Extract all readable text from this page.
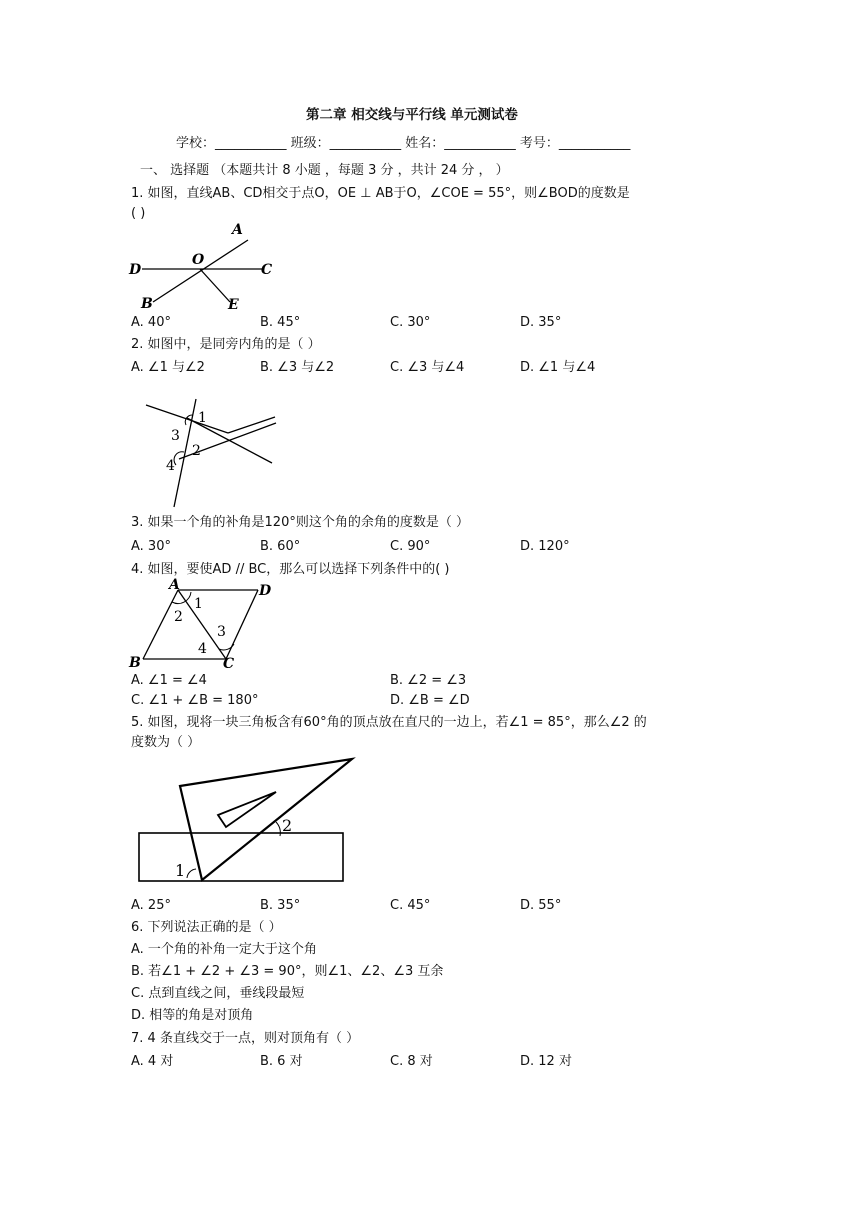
第二章 相交线与平行线 单元测试卷
学校：___________ 班级：___________ 姓名：___________ 考号：___________
一、 选择题 （本题共计 8 小题 ，每题 3 分 ，共计 24 分 ， ）
1. 如图，直线AB、CD相交于点O，OE ⊥ AB于O，∠COE = 55°，则∠BOD的度数是
( )
A
O
D	C
B	E
A. 40°	B. 45°	C. 30°	D. 35°
2. 如图中，是同旁内角的是（ ）
A. ∠1 与∠2	B. ∠3 与∠2	C. ∠3 与∠4	D. ∠1 与∠4
1
3
2
4
3. 如果一个角的补角是120°则这个角的余角的度数是（ ）
A. 30°	B. 60°	C. 90°	D. 120°
4. 如图，要使AD // BC，那么可以选择下列条件中的( )
A	D
1
2
3
4
B	C
A. ∠1 = ∠4	B. ∠2 = ∠3
C. ∠1 + ∠B = 180°	D. ∠B = ∠D
5. 如图，现将一块三角板含有60°角的顶点放在直尺的一边上，若∠1 = 85°，那么∠2 的
度数为（ ）
2
1
A. 25°	B. 35°	C. 45°	D. 55°
6. 下列说法正确的是（ ）
A. 一个角的补角一定大于这个角
B. 若∠1 + ∠2 + ∠3 = 90°，则∠1、∠2、∠3 互余
C. 点到直线之间，垂线段最短
D. 相等的角是对顶角
7. 4 条直线交于一点，则对顶角有（ ）
A. 4 对	B. 6 对	C. 8 对	D. 12 对
